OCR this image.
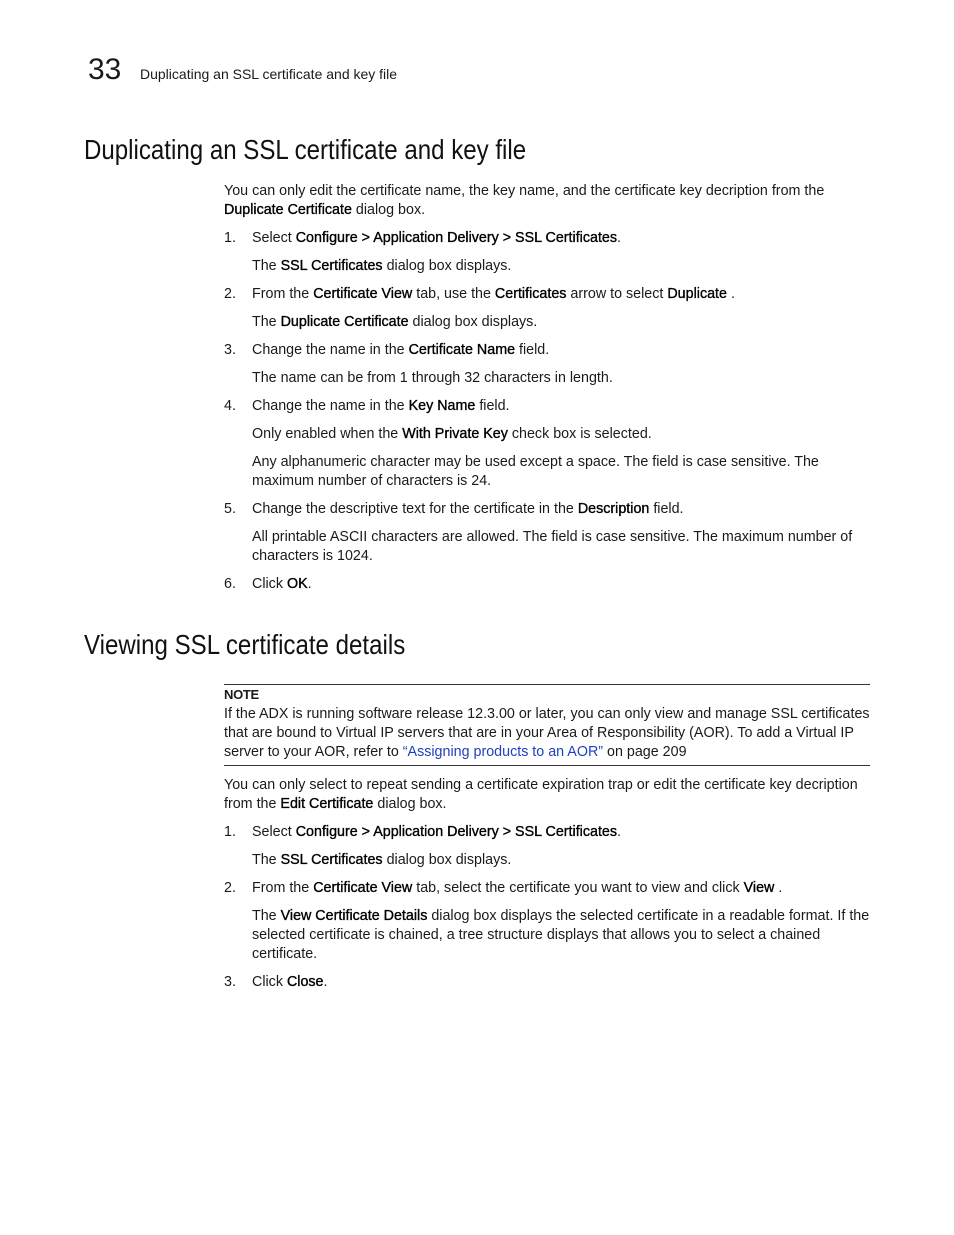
33 Duplicating an SSL certificate and key file
Duplicating an SSL certificate and key file
You can only edit the certificate name, the key name, and the certificate key decription from the Duplicate Certificate dialog box.
1. Select Configure > Application Delivery > SSL Certificates.
The SSL Certificates dialog box displays.
2. From the Certificate View tab, use the Certificates arrow to select Duplicate .
The Duplicate Certificate dialog box displays.
3. Change the name in the Certificate Name field.
The name can be from 1 through 32 characters in length.
4. Change the name in the Key Name field.
Only enabled when the With Private Key check box is selected.
Any alphanumeric character may be used except a space. The field is case sensitive. The maximum number of characters is 24.
5. Change the descriptive text for the certificate in the Description field.
All printable ASCII characters are allowed. The field is case sensitive. The maximum number of characters is 1024.
6. Click OK.
Viewing SSL certificate details
NOTE
If the ADX is running software release 12.3.00 or later, you can only view and manage SSL certificates that are bound to Virtual IP servers that are in your Area of Responsibility (AOR). To add a Virtual IP server to your AOR, refer to “Assigning products to an AOR” on page 209
You can only select to repeat sending a certificate expiration trap or edit the certificate key decription from the Edit Certificate dialog box.
1. Select Configure > Application Delivery > SSL Certificates.
The SSL Certificates dialog box displays.
2. From the Certificate View tab, select the certificate you want to view and click View .
The View Certificate Details dialog box displays the selected certificate in a readable format. If the selected certificate is chained, a tree structure displays that allows you to select a chained certificate.
3. Click Close.
